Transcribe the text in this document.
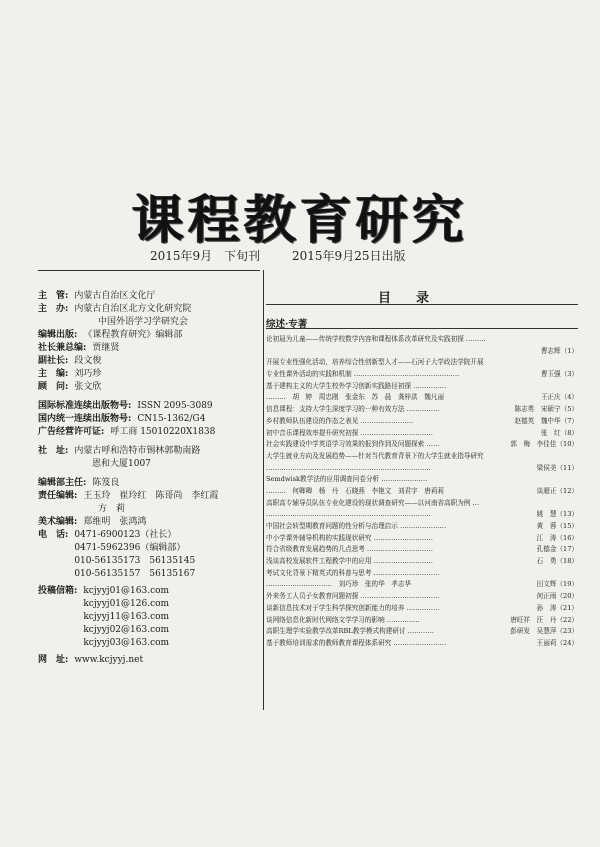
课程教育研究
2015年9月　下旬刊	2015年9月25日出版
主　管: 内蒙古自治区文化厅
主　办: 内蒙古自治区北方文化研究院
中国外语学习学研究会
编辑出版: 《课程教育研究》编辑部
社长兼总编: 贾继贤
副社长: 段文俊
主　编: 刘巧珍
顾　问: 张文欣
国际标准连续出版物号: ISSN 2095-3089
国内统一连续出版物号: CN15-1362/G4
广告经营许可证: 呼工商 15010220X1838
社　址: 内蒙古呼和浩特市锡林郭勒南路
恩和大厦1007
编辑部主任: 陈笈良
责任编辑: 王玉玲　崔玲红　陈哥尚　李红霞
方　莉
美术编辑: 郑维明　张鸿鸿
电　话: 0471-6900123（社长）
0471-5962396（编辑部）
010-56135173　56135145
010-56135157　56135167
投稿信箱: kcjyyj01@163.com
kcjyyj01@126.com
kcjyyj11@163.com
kcjyyj02@163.com
kcjyyj03@163.com
网　址: www.kcjyyj.net
目　录
综述·专著
论初晨为儿童——传统学校数学内容和课程体系改革研究及实践初探 ………
曹志辉（1）
开展专业性强化活动，培养综合性创新型人才——石河子大学政法学院开展
曹玉强（3）
专业性课外活动的实践和机制 …………………………………………
基于建构主义的大学生校外学习创新实践路径初探 ……………
王正庆（4）
………　胡　婷　周忠刚　张金东　苏　晨　龚梓洪　魏凡丽
陈志勇　宋硕宁（5）
信息课程：支持大学生深度学习的一种有效方法 ……………
赵德英　魏中华（7）
乡村教师队伍建设的作态之表见 ……………………
张　红（8）
初中音乐课程效率提升研究初探 ……………………………
郭　梅　李佳佳（10）
社会实践建设中学英语学习效果的报到作到及问题探索 ……
大学生就业方向及发展趋势——针对当代教育背景下的大学生就业指导研究
梁侯美（11）
…………………………………………………………………
Semdwisk教学法的应用调查问卷分析 …………………
谈超正（12）
………　何卿卿　杨　丹　石晓燕　李艳文　刘君宇　唐莉莉
高职高专辅导员队伍专业化建设的现状调查研究——以河南省高职为例 …
姚　慧（13）
…………………………………………………………………
黄　蓉（15）
中国社会转型期教育问题的性分析与治理启示 …………………
江　涛（16）
中小学课外辅导机构的实践现状研究 ………………………
孔德金（17）
符合省级教育发展趋势的几点思考 …………………………
石　勇（18）
浅谈高校发展软件工程教学中的应用 ………………………
考试文化背景下精英式的科普与思考 …………………………
田文辉（19）
…………………………　刘巧珍　张的华　孝志华
何正雨（20）
外来务工人员子女教育问题初探 ………………………………
孙　涛（21）
谈新信息技术对于学生科学探究创新能力的培养 ……………
唐旺祥　汪　丹（22）
谈网络信息化新时代网络文学学习的影响 ……………
彭研发　吴慧萍（23）
高职生理学实验教学改革RBL教学模式构建研讨 …………
王丽莉（24）
基于教师培训需求的教师教育课程体系研究 ……………………
